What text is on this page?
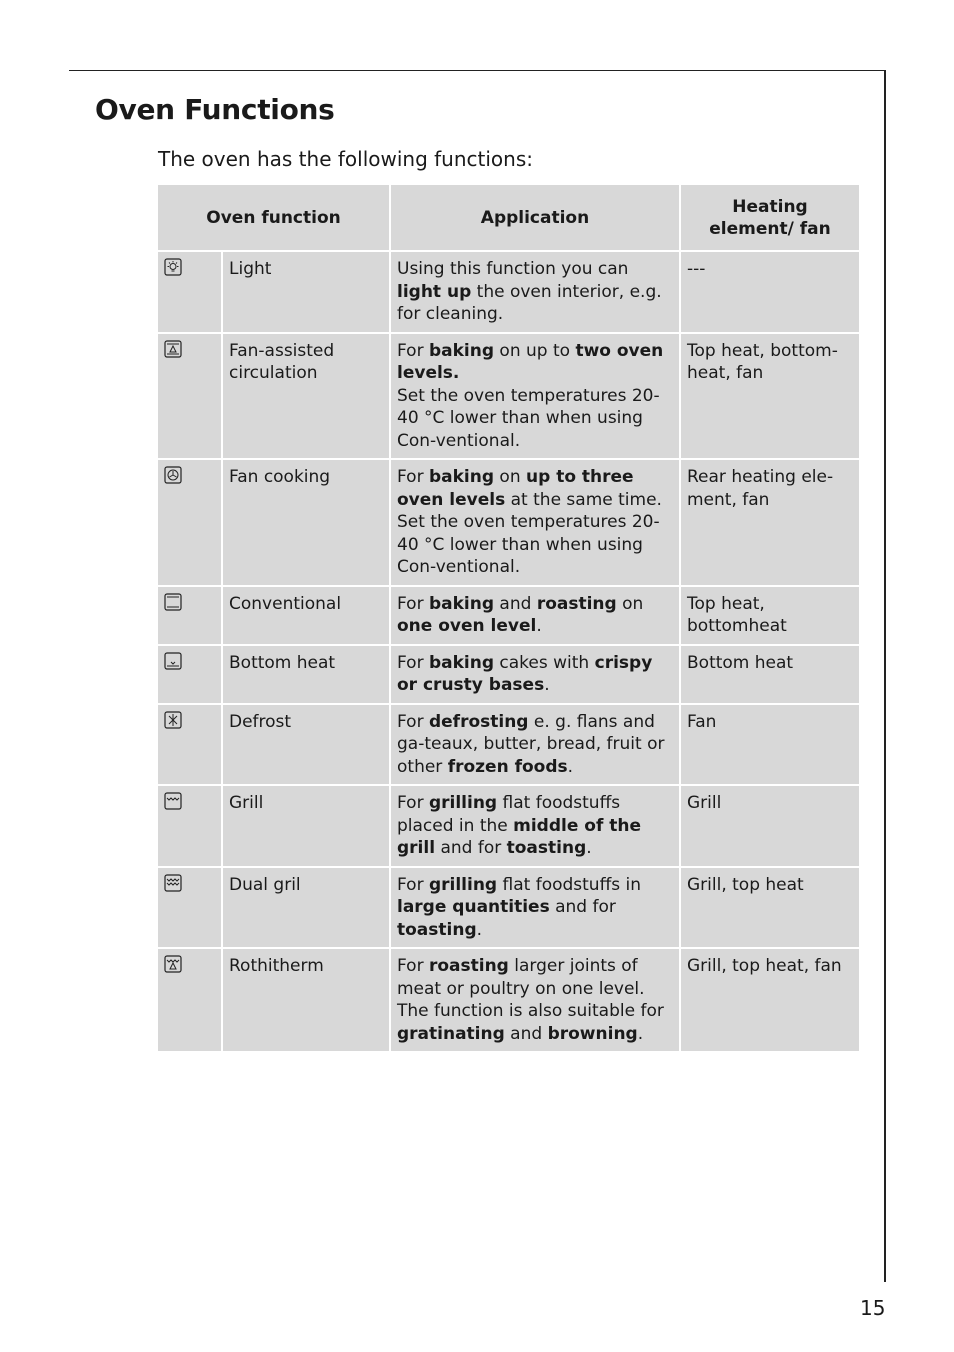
Oven Functions

The oven has the following functions:

Oven function		Application	Heating element/ fan

	Light	Using this function you can light up the oven interior, e.g. for cleaning.	---

	Fan-assisted circulation	For baking on up to two oven levels.
Set the oven temperatures 20-40 °C lower than when using Con-ventional.	Top heat, bottom-heat, fan

	Fan cooking	For baking on up to three oven levels at the same time.
Set the oven temperatures 20-40 °C lower than when using Con-ventional.	Rear heating ele-ment, fan

	Conventional	For baking and roasting on one oven level.	Top heat, bottomheat

	Bottom heat	For baking cakes with crispy or crusty bases.	Bottom heat

	Defrost	For defrosting e. g. flans and ga-teaux, butter, bread, fruit or other frozen foods.	Fan

	Grill	For grilling flat foodstuffs placed in the middle of the grill and for toasting.	Grill

	Dual gril	For grilling flat foodstuffs in large quantities and for toasting.	Grill, top heat

	Rothitherm	For roasting larger joints of meat or poultry on one level.
The function is also suitable for gratinating and browning.	Grill, top heat, fan
15
